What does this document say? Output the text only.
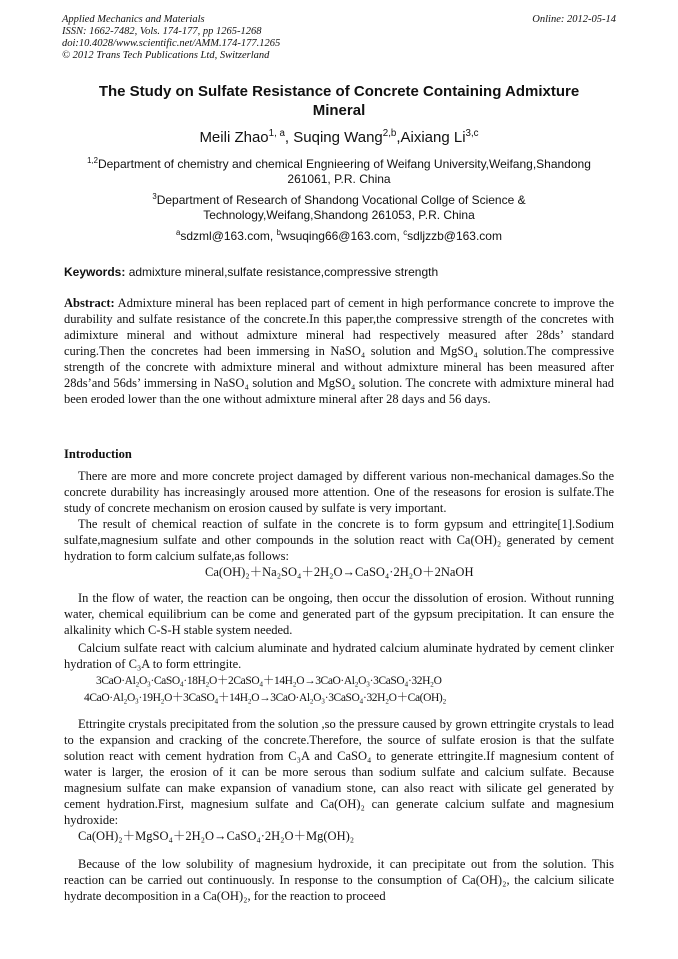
Applied Mechanics and Materials
ISSN: 1662-7482, Vols. 174-177, pp 1265-1268
doi:10.4028/www.scientific.net/AMM.174-177.1265
© 2012 Trans Tech Publications Ltd, Switzerland
Online: 2012-05-14
The Study on Sulfate Resistance of Concrete Containing Admixture
Mineral
Meili Zhao$^{1, a}$, Suqing Wang$^{2,b}$,Aixiang Li$^{3,c}$
$^{1,2}$Department of chemistry and chemical Engnieering of Weifang University,Weifang,Shandong
261061, P.R. China
$^3$Department of Research of Shandong Vocational Collge of Science &
Technology,Weifang,Shandong 261053, P.R. China
$^a$sdzml@163.com, $^b$wsuqing66@163.com, $^c$sdljzzb@163.com
Keywords: admixture mineral,sulfate resistance,compressive strength
Abstract: Admixture mineral has been replaced part of cement in high performance concrete to improve the durability and sulfate resistance of the concrete.In this paper,the compressive strength of the concretes with adimixture mineral and without admixture mineral had respectively measured after 28ds’ standard curing.Then the concretes had been immersing in NaSO₄ solution and MgSO₄ solution.The compressive strength of the concrete with admixture mineral and without admixture mineral has been measured after 28ds’and 56ds’ immersing in NaSO₄ solution and MgSO₄ solution. The concrete with admixture mineral had been eroded lower than the one without admixture mineral after 28 days and 56 days.
Introduction
There are more and more concrete project damaged by different various non-mechanical damages.So the concrete durability has increasingly aroused more attention. One of the reseasons for erosion is sulfate.The study of concrete mechanism on erosion caused by sulfate is very important.
The result of chemical reaction of sulfate in the concrete is to form gypsum and ettringite[1].Sodium sulfate,magnesium sulfate and other compounds in the solution react with Ca(OH)₂ generated by cement hydration to form calcium sulfate,as follows:
Ca(OH)₂＋Na₂SO₄＋2H₂O→CaSO₄·2H₂O＋2NaOH
In the flow of water, the reaction can be ongoing, then occur the dissolution of erosion. Without running water, chemical equilibrium can be come and generated part of the gypsum precipitation. It can ensure the alkalinity which C-S-H stable system needed.
Calcium sulfate react with calcium aluminate and hydrated calcium aluminate hydrated by cement clinker hydration of C₃A to form ettringite.
3CaO·Al₂O₃·CaSO₄·18H₂O＋2CaSO₄＋14H₂O→3CaO·Al₂O₃·3CaSO₄·32H₂O
4CaO·Al₂O₃·19H₂O＋3CaSO₄＋14H₂O→3CaO·Al₂O₃·3CaSO₄·32H₂O＋Ca(OH)₂
Ettringite crystals precipitated from the solution ,so the pressure caused by grown ettringite crystals to lead to the expansion and cracking of the concrete.Therefore, the source of sulfate erosion is that the sulfate solution react with cement hydration from C₃A and CaSO₄ to generate ettringite.If magnesium content of water is larger, the erosion of it can be more serous than sodium sulfate and calcium sulfate. Because magnesium sulfate can make expansion of vanadium stone, can also react with silicate gel generated by cement hydration.First, magnesium sulfate and Ca(OH)₂ can generate calcium sulfate and magnesium hydroxide:
Ca(OH)₂＋MgSO₄＋2H₂O→CaSO₄·2H₂O＋Mg(OH)₂
Because of the low solubility of magnesium hydroxide, it can precipitate out from the solution. This reaction can be carried out continuously. In response to the consumption of Ca(OH)₂, the calcium silicate hydrate decomposition in a Ca(OH)₂, for the reaction to proceed
